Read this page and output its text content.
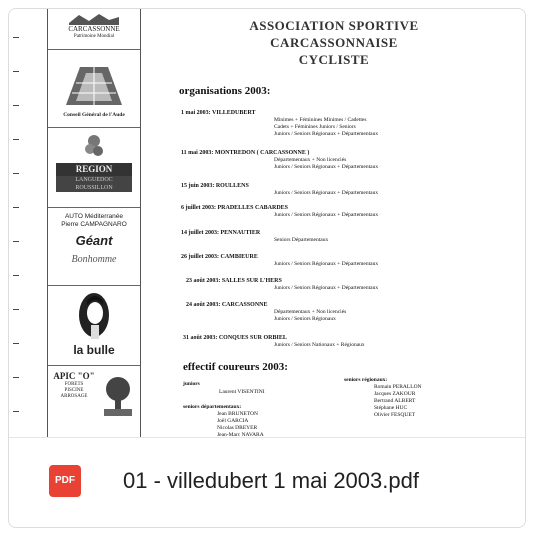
CARCASSONNE
Patrimoine Mondial
Conseil Général de l'Aude
REGION
LANGUEDOC
ROUSSILLON
AUTO Méditerranée
Pierre CAMPAGNARO
Géant
Bonhomme
la bulle
APIC "O"
FORETS
PISCINE
ARROSAGE
ASSOCIATION SPORTIVE CARCASSONNAISE
CYCLISTE
organisations 2003:
1 mai 2003: VILLEDUBERT
Minimes + Féminines Minimes / Cadettes
Cadets + Féminines Juniors / Seniors
Juniors / Seniors Régionaux + Départementaux
11 mai 2003: MONTREDON ( CARCASSONNE )
Départementaux + Non licenciés
Juniors / Seniors Régionaux + Départementaux
15 juin 2003: ROULLENS
Juniors / Seniors Régionaux + Départementaux
6 juillet 2003: PRADELLES CABARDES
Juniors / Seniors Régionaux + Départementaux
14 juillet 2003: PENNAUTIER
Seniors Départementaux
26 juillet 2003: CAMBIEURE
Juniors / Seniors Régionaux + Départementaux
23 août 2003: SALLES SUR L'HERS
Juniors / Seniors Régionaux + Départementaux
24 août 2003: CARCASSONNE
Départementaux + Non licenciés
Juniors / Seniors Régionaux
31 août 2003: CONQUES SUR ORBIEL
Juniors / Seniors Nationaux + Régionaux
effectif coureurs 2003:
juniors
Laurent VISENTINI
seniors départementaux:
Jean BRUNETON
Joël GARCIA
Nicolas DREYER
Jean-Marc NAVARA
seniors régionaux:
Romain PERALLON
Jacques ZAKOUR
Bertrand ALBERT
Stéphane HUC
Olivier FESQUET
PDF 01 - villedubert 1 mai 2003.pdf
